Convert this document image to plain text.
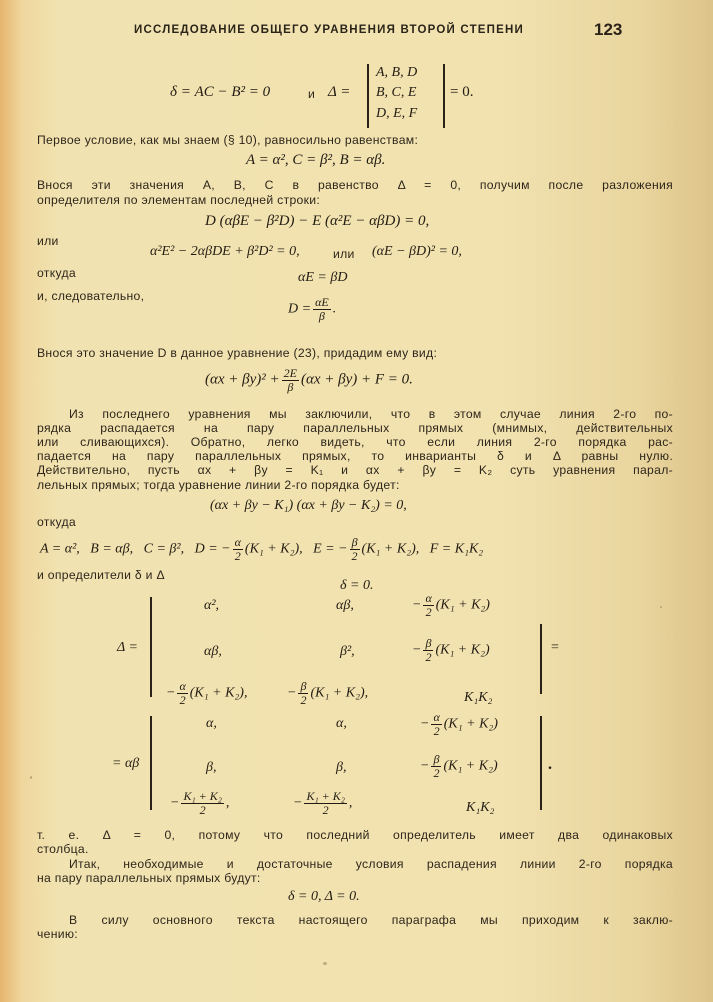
ИССЛЕДОВАНИЕ ОБЩЕГО УРАВНЕНИЯ ВТОРОЙ СТЕПЕНИ	123
δ = AC − B² = 0	и Δ =
A, B, D
B, C, E
D, E, F
= 0.
Первое условие, как мы знаем (§ 10), равносильно равенствам:
A = α², C = β², B = αβ.
Внося эти значения A, B, C в равенство Δ = 0, получим после разложения
определителя по элементам последней строки:
D (αβE − β²D) − E (α²E − αβD) = 0,
или
α²E² − 2αβDE + β²D² = 0,	или (αE − βD)² = 0,
откуда	αE = βD
и, следовательно,
$D = \frac{\alpha E}{\beta}$ .
Внося это значение D в данное уравнение (23), придадим ему вид:
$(\alpha x + \beta y)^2 + \frac{2E}{\beta} (\alpha x + \beta y) + F = 0$.
Из последнего уравнения мы заключили, что в этом случае линия 2-го по-
рядка распадается на пару параллельных прямых (мнимых, действительных
или сливающихся). Обратно, легко видеть, что если линия 2-го порядка рас-
падается на пару параллельных прямых, то инварианты δ и Δ равны нулю.
Действительно, пусть αx + βy = K₁ и αx + βy = K₂ суть уравнения парал-
лельных прямых; тогда уравнение линии 2-го порядка будет:
(αx + βy − K₁) (αx + βy − K₂) = 0,
откуда
A = α², B = αβ, C = β², D = − $\frac{\alpha}{2} (K_1 + K_2)$, E = − $\frac{\beta}{2} (K_1 + K_2)$, F = K₁K₂
и определители δ и Δ
δ = 0.
Δ =	=
α²,	αβ,	− $\frac{\alpha}{2} (K_1 + K_2)$
αβ,	β²,	− $\frac{\beta}{2} (K_1 + K_2)$
− $\frac{\alpha}{2} (K_1 + K_2)$,	− $\frac{\beta}{2} (K_1 + K_2)$,	K₁K₂
= αβ	.
α,	α,	− $\frac{\alpha}{2} (K_1 + K_2)$
β,	β,	− $\frac{\beta}{2} (K_1 + K_2)$
− $\frac{\text{K₁ + K₂}}{2}$ ,	− $\frac{\text{K₁ + K₂}}{2}$ ,	K₁K₂
т. е. Δ = 0, потому что последний определитель имеет два одинаковых
столбца.
Итак, необходимые и достаточные условия распадения линии 2-го порядка
на пару параллельных прямых будут:
δ = 0, Δ = 0.
В силу основного текста настоящего параграфа мы приходим к заклю-
чению:
